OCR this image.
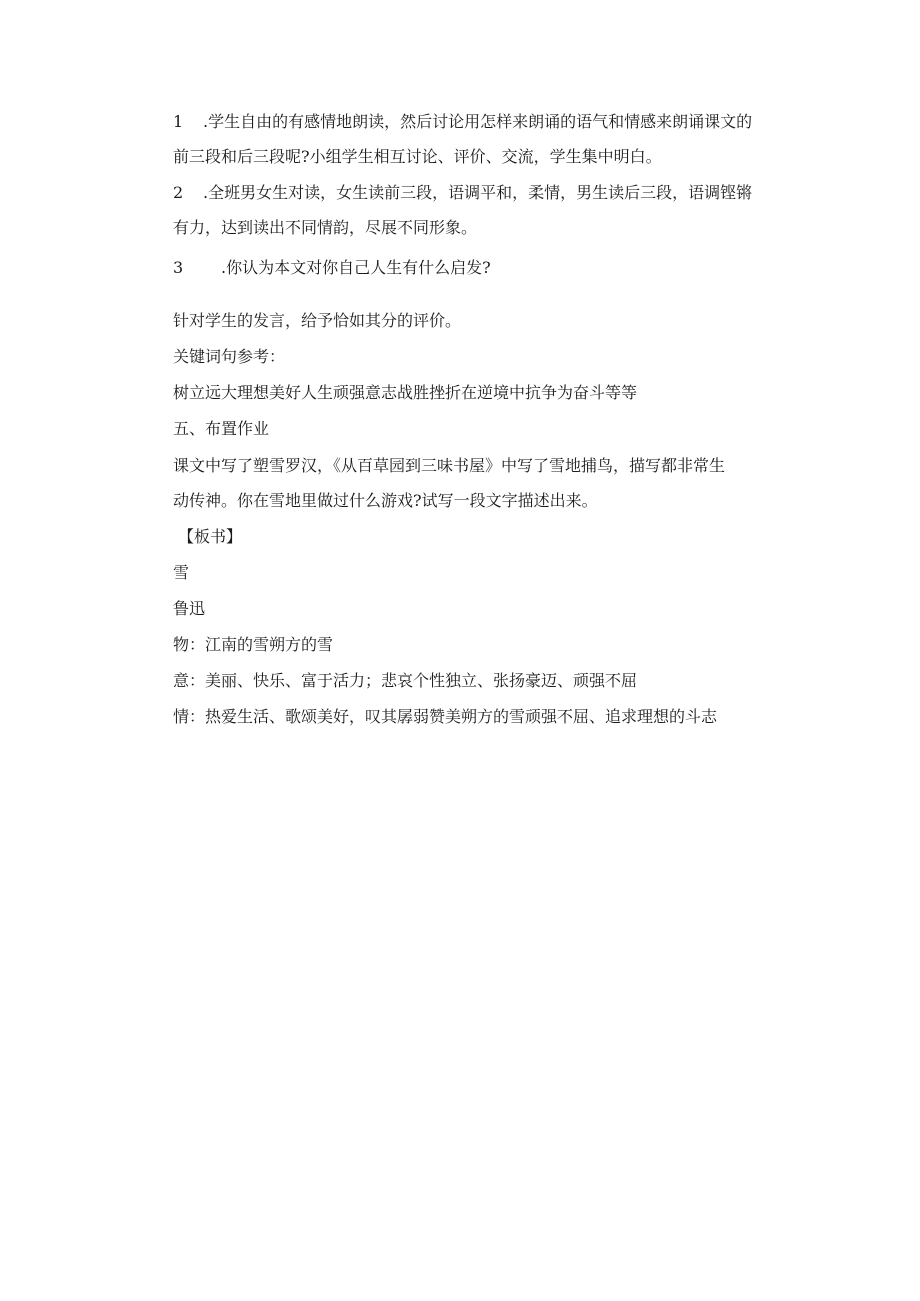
1 .学生自由的有感情地朗读，然后讨论用怎样来朗诵的语气和情感来朗诵课文的

前三段和后三段呢?小组学生相互讨论、评价、交流，学生集中明白。

2 .全班男女生对读，女生读前三段，语调平和，柔情，男生读后三段，语调铿锵

有力，达到读出不同情韵，尽展不同形象。

3 .你认为本文对你自己人生有什么启发?

针对学生的发言，给予恰如其分的评价。

关键词句参考：

树立远大理想美好人生顽强意志战胜挫折在逆境中抗争为奋斗等等

五、布置作业

课文中写了塑雪罗汉，《从百草园到三味书屋》中写了雪地捕鸟，描写都非常生

动传神。你在雪地里做过什么游戏?试写一段文字描述出来。

【板书】

雪

鲁迅

物：江南的雪朔方的雪

意：美丽、快乐、富于活力；悲哀个性独立、张扬豪迈、顽强不屈

情：热爱生活、歌颂美好，叹其孱弱赞美朔方的雪顽强不屈、追求理想的斗志
